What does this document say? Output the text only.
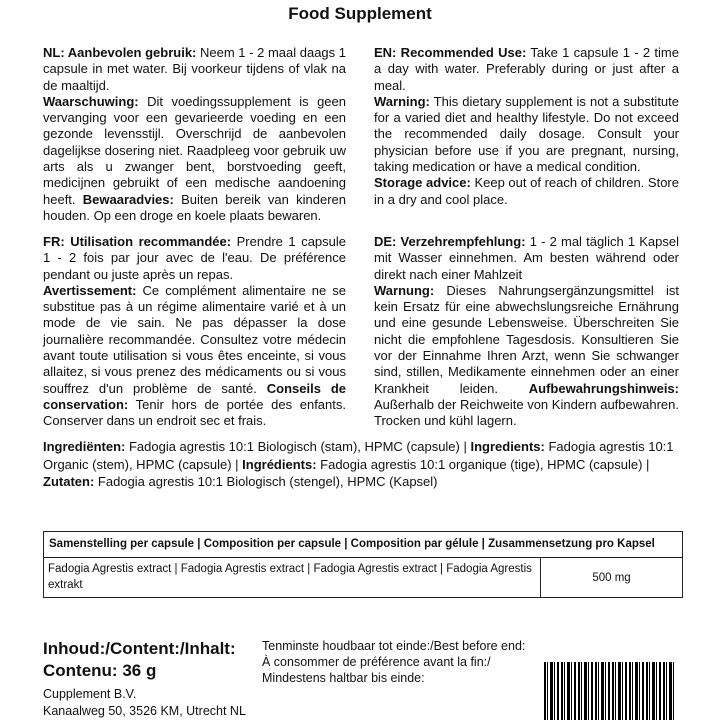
Food Supplement
NL: Aanbevolen gebruik: Neem 1 - 2 maal daags 1 capsule in met water. Bij voorkeur tijdens of vlak na de maaltijd.
Waarschuwing: Dit voedingssupplement is geen vervanging voor een gevarieerde voeding en een gezonde levensstijl. Overschrijd de aanbevolen dagelijkse dosering niet. Raadpleeg voor gebruik uw arts als u zwanger bent, borstvoeding geeft, medicijnen gebruikt of een medische aandoening heeft. Bewaaradvies: Buiten bereik van kinderen houden. Op een droge en koele plaats bewaren.
EN: Recommended Use: Take 1 capsule 1 - 2 time a day with water. Preferably during or just after a meal.
Warning: This dietary supplement is not a substitute for a varied diet and healthy lifestyle. Do not exceed the recommended daily dosage. Consult your physician before use if you are pregnant, nursing, taking medication or have a medical condition.
Storage advice: Keep out of reach of children. Store in a dry and cool place.
FR: Utilisation recommandée: Prendre 1 capsule 1 - 2 fois par jour avec de l'eau. De préférence pendant ou juste après un repas.
Avertissement: Ce complément alimentaire ne se substitue pas à un régime alimentaire varié et à un mode de vie sain. Ne pas dépasser la dose journalière recommandée. Consultez votre médecin avant toute utilisation si vous êtes enceinte, si vous allaitez, si vous prenez des médicaments ou si vous souffrez d'un problème de santé. Conseils de conservation: Tenir hors de portée des enfants. Conserver dans un endroit sec et frais.
DE: Verzehrempfehlung: 1 - 2 mal täglich 1 Kapsel mit Wasser einnehmen. Am besten während oder direkt nach einer Mahlzeit
Warnung: Dieses Nahrungsergänzungsmittel ist kein Ersatz für eine abwechslungsreiche Ernährung und eine gesunde Lebensweise. Überschreiten Sie nicht die empfohlene Tagesdosis. Konsultieren Sie vor der Einnahme Ihren Arzt, wenn Sie schwanger sind, stillen, Medikamente einnehmen oder an einer Krankheit leiden. Aufbewahrungshinweis: Außerhalb der Reichweite von Kindern aufbewahren. Trocken und kühl lagern.
Ingrediënten: Fadogia agrestis 10:1 Biologisch (stam), HPMC (capsule) | Ingredients: Fadogia agrestis 10:1 Organic (stem), HPMC (capsule) | Ingrédients: Fadogia agrestis 10:1 organique (tige), HPMC (capsule) | Zutaten: Fadogia agrestis 10:1 Biologisch (stengel), HPMC (Kapsel)
Samenstelling per capsule | Composition per capsule | Composition par gélule | Zusammensetzung pro Kapsel
Fadogia Agrestis extract | Fadogia Agrestis extract | Fadogia Agrestis extract | Fadogia Agrestis extrakt
500 mg
Inhoud:/Content:/Inhalt:
Contenu: 36 g
Cupplement B.V.
Kanaalweg 50, 3526 KM, Utrecht NL
Tenminste houdbaar tot einde:/Best before end:
À consommer de préférence avant la fin:/
Mindestens haltbar bis einde:
